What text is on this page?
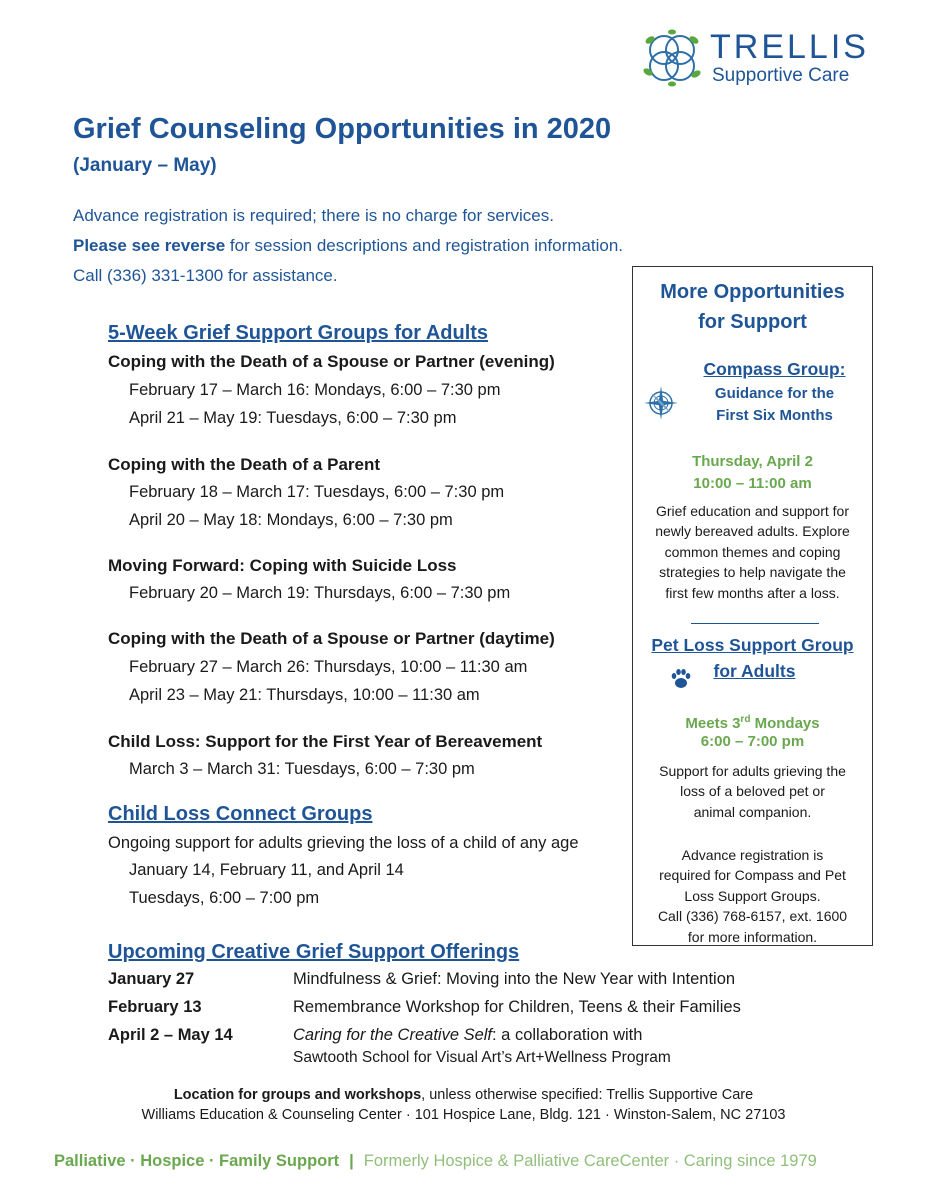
TRELLIS
Supportive Care
Grief Counseling Opportunities in 2020
(January – May)
Advance registration is required; there is no charge for services.
Please see reverse for session descriptions and registration information.
Call (336) 331-1300 for assistance.
5-Week Grief Support Groups for Adults
Coping with the Death of a Spouse or Partner (evening)
February 17 – March 16: Mondays, 6:00 – 7:30 pm
April 21 – May 19: Tuesdays, 6:00 – 7:30 pm
Coping with the Death of a Parent
February 18 – March 17: Tuesdays, 6:00 – 7:30 pm
April 20 – May 18: Mondays, 6:00 – 7:30 pm
Moving Forward: Coping with Suicide Loss
February 20 – March 19: Thursdays, 6:00 – 7:30 pm
Coping with the Death of a Spouse or Partner (daytime)
February 27 – March 26: Thursdays, 10:00 – 11:30 am
April 23 – May 21: Thursdays, 10:00 – 11:30 am
Child Loss: Support for the First Year of Bereavement
March 3 – March 31: Tuesdays, 6:00 – 7:30 pm
Child Loss Connect Groups
Ongoing support for adults grieving the loss of a child of any age
January 14, February 11, and April 14
Tuesdays, 6:00 – 7:00 pm
Upcoming Creative Grief Support Offerings
January 27	Mindfulness & Grief: Moving into the New Year with Intention
February 13	Remembrance Workshop for Children, Teens & their Families
April 2 – May 14	Caring for the Creative Self: a collaboration with
Sawtooth School for Visual Art’s Art+Wellness Program
Location for groups and workshops, unless otherwise specified: Trellis Supportive Care
Williams Education & Counseling Center · 101 Hospice Lane, Bldg. 121 · Winston-Salem, NC 27103
More Opportunities
for Support
Compass Group:
Guidance for the
First Six Months
Thursday, April 2
10:00 – 11:00 am
Grief education and support for
newly bereaved adults. Explore
common themes and coping
strategies to help navigate the
first few months after a loss.
Pet Loss Support Group
for Adults
Meets 3rd Mondays
6:00 – 7:00 pm
Support for adults grieving the
loss of a beloved pet or
animal companion.
Advance registration is
required for Compass and Pet
Loss Support Groups.
Call (336) 768-6157, ext. 1600
for more information.
Palliative · Hospice · Family Support | Formerly Hospice & Palliative CareCenter · Caring since 1979
